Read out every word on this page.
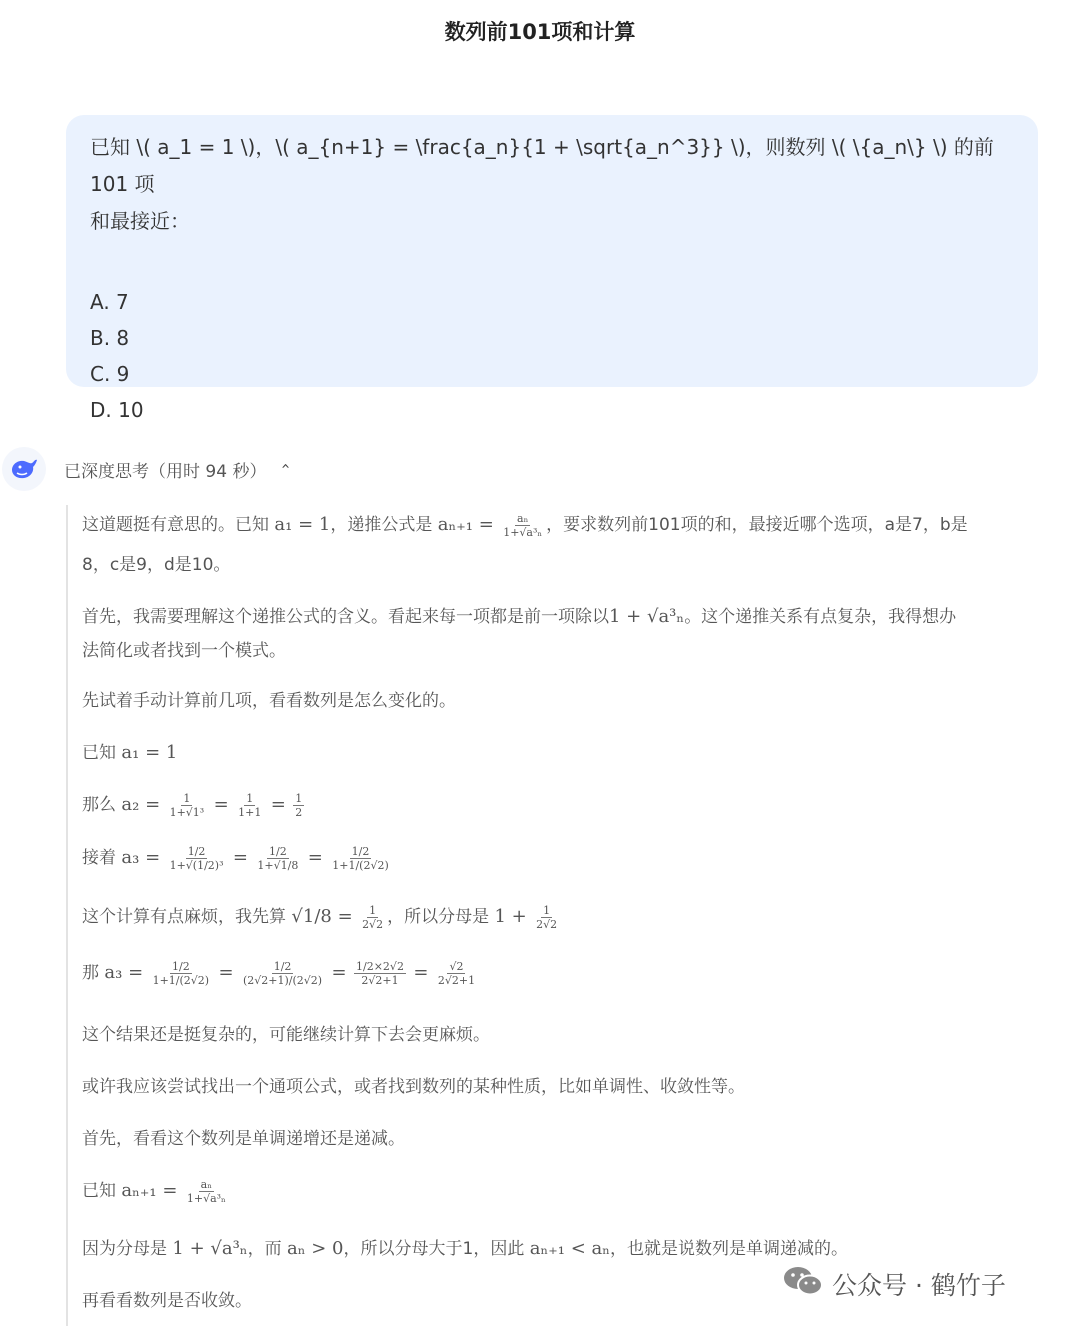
数列前101项和计算

已知 \( a_1 = 1 \)，\( a_{n+1} = \frac{a_n}{1 + \sqrt{a_n^3}} \)，则数列 \( \{a_n\} \) 的前 101 项

和最接近：

A. 7
B. 8
C. 9
D. 10
已深度思考（用时 94 秒） ›
这道题挺有意思的。已知 a₁ = 1，递推公式是 $a_{n+1} = \frac{\text{aₙ}}{\text{1+√a³ₙ}}$ ，要求数列前101项的和，最接近哪个选项，a是7，b是
8，c是9，d是10。
首先，我需要理解这个递推公式的含义。看起来每一项都是前一项除以1 + √a³ₙ。这个递推关系有点复杂，我得想办
法简化或者找到一个模式。
先试着手动计算前几项，看看数列是怎么变化的。
已知 a₁ = 1
那么 $a_2 = \frac{1}{\text{1+√1³}} = \frac{1}{1+1} = \frac{1}{2}$
接着 $a_3 = \frac{1/2}{\text{1+√(1/2)³}} = \frac{1/2}{1+√1/8} = \frac{1/2}{1+1/(2√2)}$
这个计算有点麻烦，我先算 $√1/8 = \frac{1}{2√2}$ ，所以分母是 $1 + \frac{1}{2√2}$
那 $a_3 = \frac{1/2}{1+1/(2√2)} = \frac{1/2}{(2√2+1)/(2√2)} = \frac{1/2\times 2√2}{2√2+1} = \frac{√2}{2√2+1}$
这个结果还是挺复杂的，可能继续计算下去会更麻烦。
或许我应该尝试找出一个通项公式，或者找到数列的某种性质，比如单调性、收敛性等。
首先，看看这个数列是单调递增还是递减。
已知 $a_{n+1} = \frac{\text{aₙ}}{\text{1+√a³ₙ}}$
因为分母是 1 + √a³ₙ，而 aₙ > 0，所以分母大于1，因此 aₙ₊₁ < aₙ，也就是说数列是单调递减的。
再看看数列是否收敛。
公众号 · 鹤竹子
